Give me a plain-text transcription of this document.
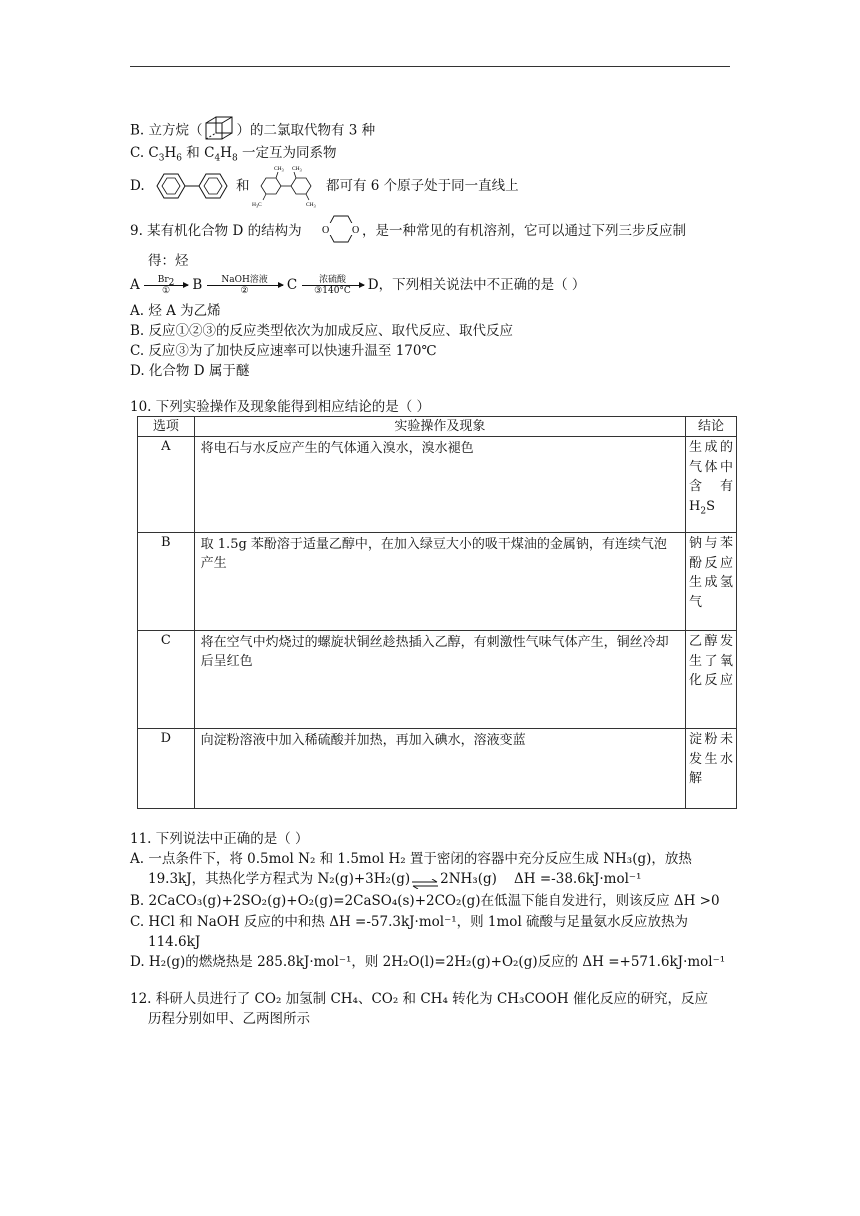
B. 立方烷（	）的二氯取代物有 3 种
C. $C_3H_6$ 和 $C_4H_8$ 一定互为同系物
D.	和
$CH_3$ $CH_3$
$H_3C$	$CH_3$
都可有 6 个原子处于同一直线上
9. 某有机化合物 D 的结构为 O O ，是一种常见的有机溶剂，它可以通过下列三步反应制
得：烃
A	$Br_2$
①	B	NaOH溶液
②	C	浓硫酸
③140°C	D，下列相关说法中不正确的是（ ）
A. 烃 A 为乙烯
B. 反应①②③的反应类型依次为加成反应、取代反应、取代反应
C. 反应③为了加快反应速率可以快速升温至 170℃
D. 化合物 D 属于醚
10. 下列实验操作及现象能得到相应结论的是（ ）
选项	实验操作及现象	结论
A	将电石与水反应产生的气体通入溴水，溴水褪色	生成的气体中含有
$H_2S$

B	取 1.5g 苯酚溶于适量乙醇中，在加入绿豆大小的吸干煤油的金属钠，有连续气泡产生	钠与苯酚反应生成氢气

C	将在空气中灼烧过的螺旋状铜丝趁热插入乙醇，有刺激性气味气体产生，铜丝冷却后呈红色	乙醇发生了氧化反应

D	向淀粉溶液中加入稀硫酸并加热，再加入碘水，溶液变蓝	淀粉未发生水解
11. 下列说法中正确的是（ ）
A. 一点条件下，将 0.5mol N₂ 和 1.5mol H₂ 置于密闭的容器中充分反应生成 NH₃(g)，放热
19.3kJ，其热化学方程式为 N₂(g)+3H₂(g)⇌2NH₃(g) ΔH =-38.6kJ·mol⁻¹
B. 2CaCO₃(g)+2SO₂(g)+O₂(g)=2CaSO₄(s)+2CO₂(g)在低温下能自发进行，则该反应 ΔH >0
C. HCl 和 NaOH 反应的中和热 ΔH =-57.3kJ·mol⁻¹，则 1mol 硫酸与足量氨水反应放热为
114.6kJ
D. H₂(g)的燃烧热是 285.8kJ·mol⁻¹，则 2H₂O(l)=2H₂(g)+O₂(g)反应的 ΔH =+571.6kJ·mol⁻¹
12. 科研人员进行了 CO₂ 加氢制 CH₄、CO₂ 和 CH₄ 转化为 CH₃COOH 催化反应的研究，反应
历程分别如甲、乙两图所示
